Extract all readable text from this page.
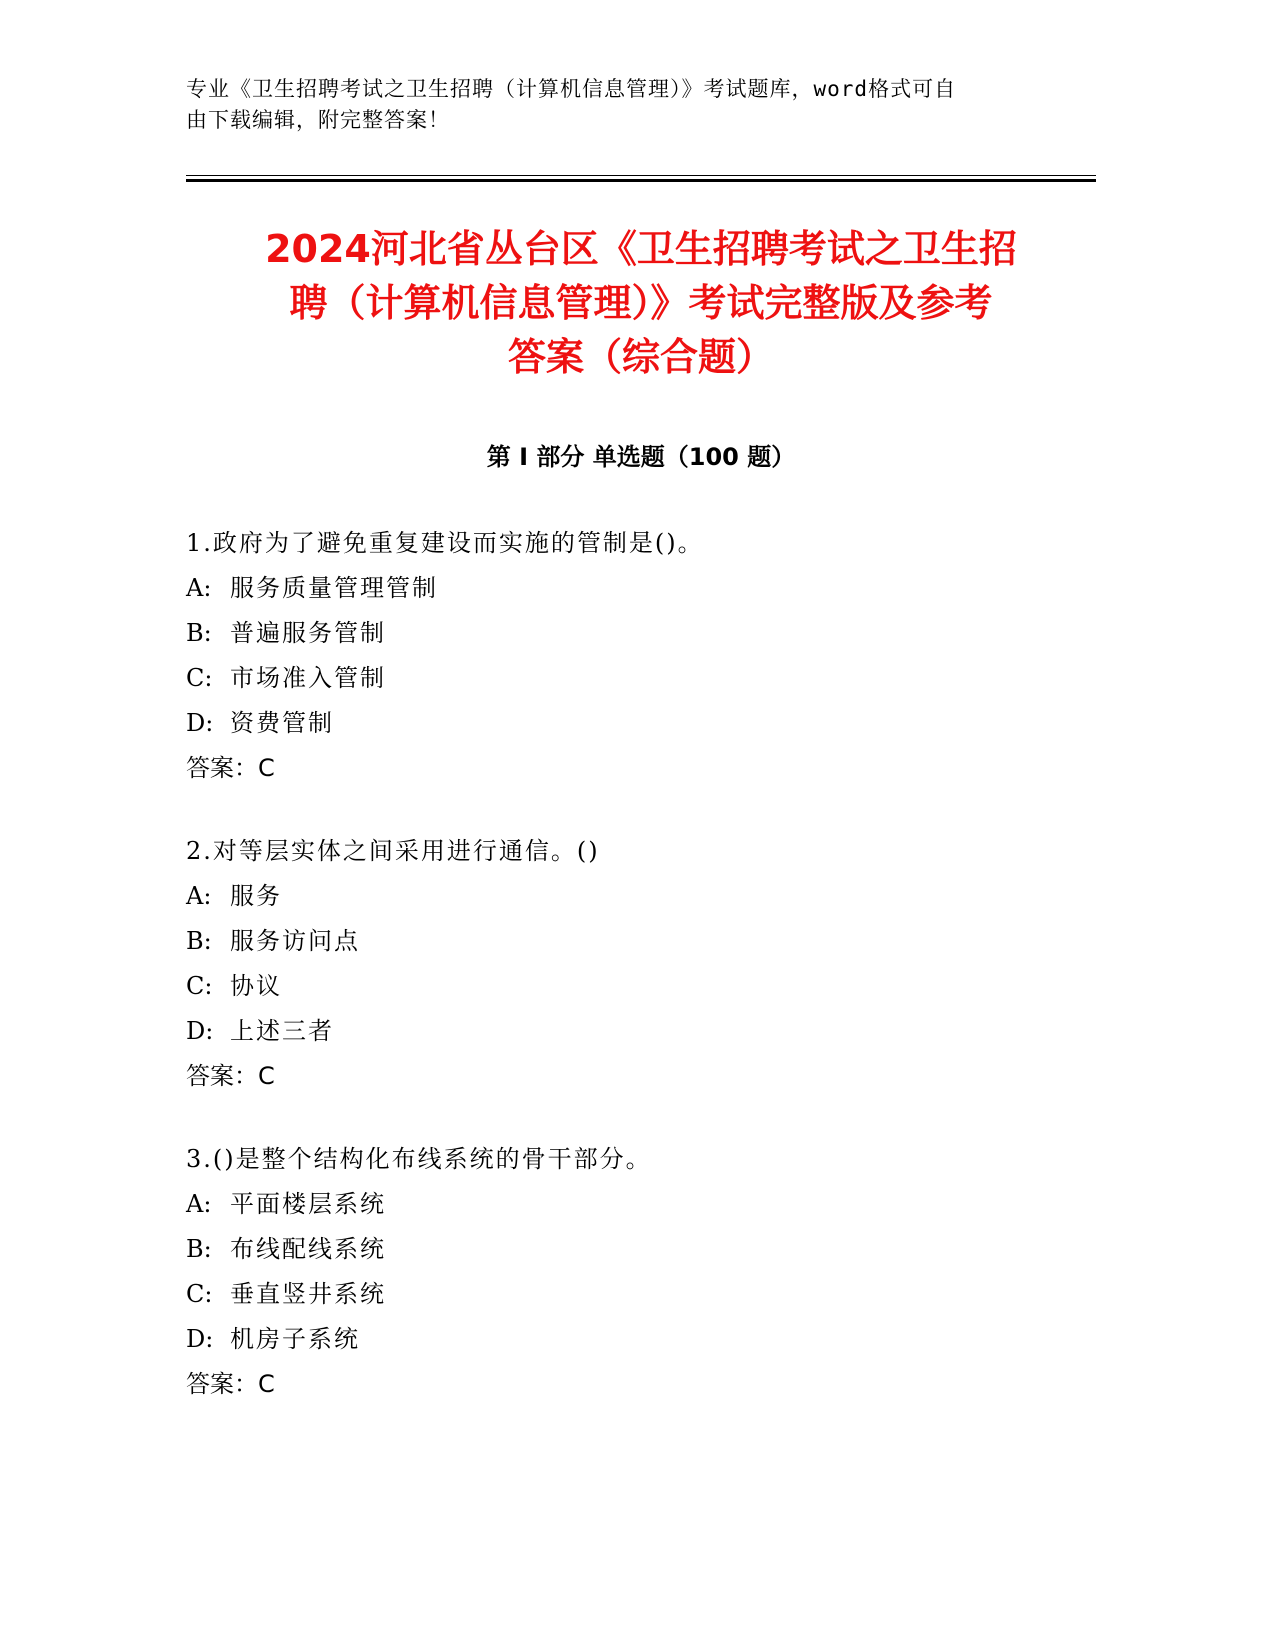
专业《卫生招聘考试之卫生招聘（计算机信息管理）》考试题库，word格式可自
由下载编辑，附完整答案！

2024河北省丛台区《卫生招聘考试之卫生招
聘（计算机信息管理）》考试完整版及参考
答案（综合题）
第 I 部分 单选题（100 题）
1.政府为了避免重复建设而实施的管制是()。
A: 服务质量管理管制
B: 普遍服务管制
C: 市场准入管制
D: 资费管制
答案：C
2.对等层实体之间采用进行通信。()
A: 服务
B: 服务访问点
C: 协议
D: 上述三者
答案：C
3.()是整个结构化布线系统的骨干部分。
A: 平面楼层系统
B: 布线配线系统
C: 垂直竖井系统
D: 机房子系统
答案：C
